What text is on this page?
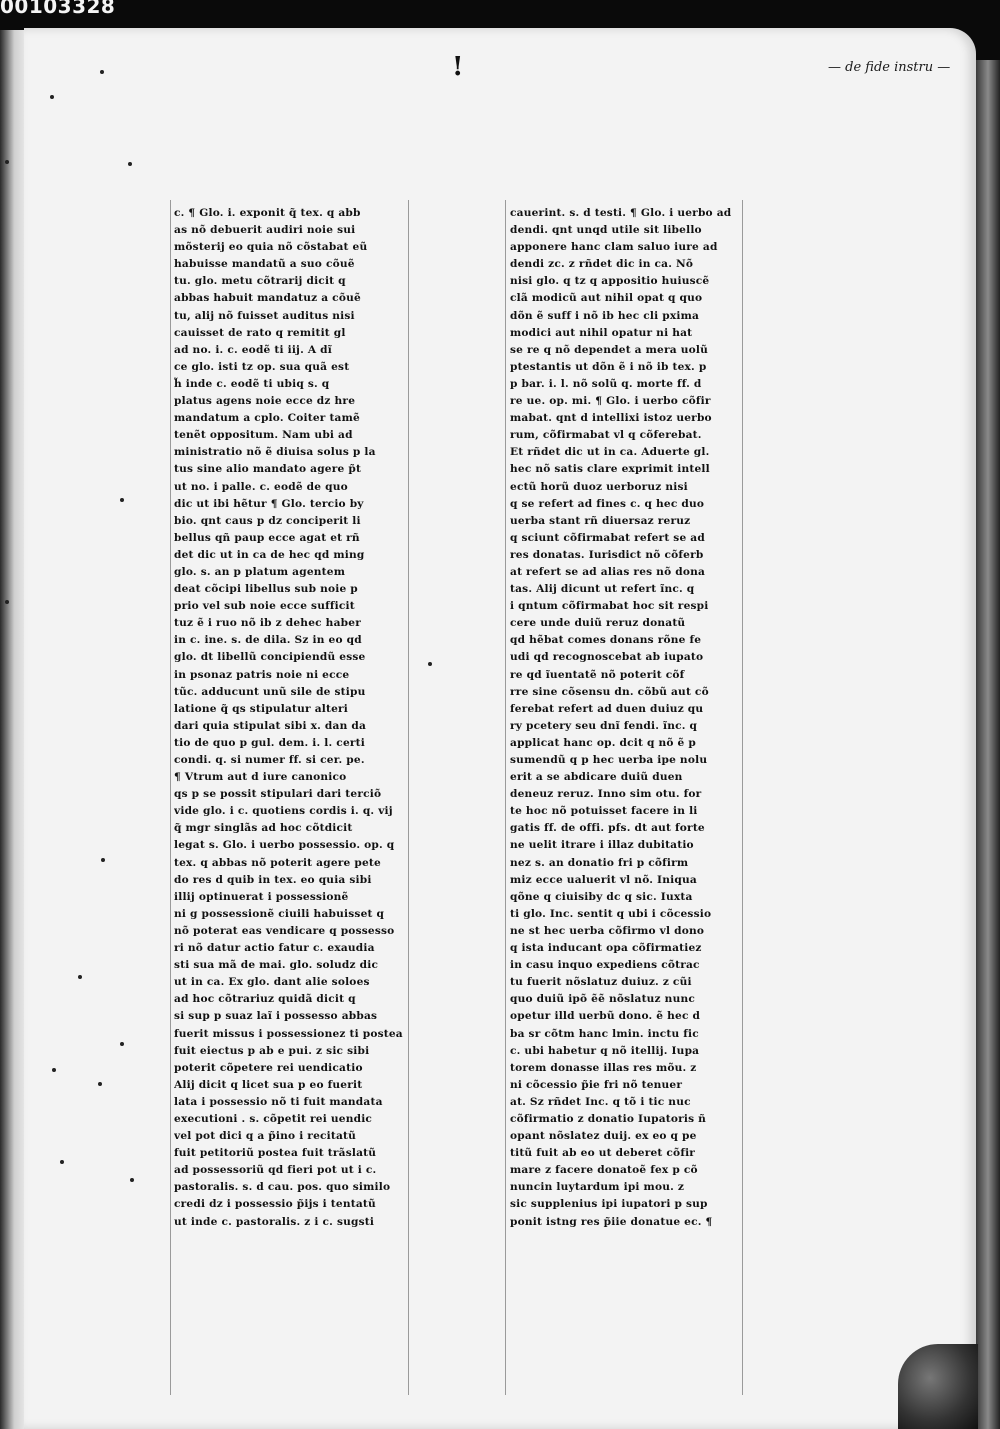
00103328
— de fide instru —
!
c. ¶ Glo. i. exponit q̃ tex. q abb
as nõ debuerit audiri noie sui
mõsterij eo quia nõ cõstabat eũ
habuisse mandatũ a suo cõuẽ
tu. glo. metu cõtrarij dicit q
abbas habuit mandatuz a cõuẽ
tu, alij nõ fuisset auditus nisi
cauisset de rato q remitit gl
ad no. i. c. eodẽ ti iij. A dĩ
ce glo. isti tz op. sua quã est
h̃ inde c. eodẽ ti ubiq s. q
platus agens noie ecce dz hre
mandatum a cplo. Coiter tamẽ
tenẽt oppositum. Nam ubi ad
ministratio nõ ẽ diuisa solus p la
tus sine alio mandato agere p̃t
ut no. i palle. c. eodẽ de quo
dic ut ibi hẽtur ¶ Glo. tercio by
bio. qnt caus p dz conciperit li
bellus qñ paup ecce agat et rñ
det dic ut in ca de hec qd ming
glo. s. an p platum agentem
deat cõcipi libellus sub noie p
prio vel sub noie ecce sufficit
tuz ẽ i ruo nõ ib z dehec haber
in c. ine. s. de dila. Sz in eo qd
glo. dt libellũ concipiendũ esse
in psonaz patris noie ni ecce
tũc. adducunt unũ sile de stipu
latione q̃ qs stipulatur alteri
dari quia stipulat sibi x. dan da
tio de quo p gul. dem. i. l. certi
condi. q. si numer ff. si cer. pe.
¶ Vtrum aut d iure canonico
qs p se possit stipulari dari terciõ
vide glo. i c. quotiens cordis i. q. vij
q̃ mgr singlãs ad hoc cõtdicit
legat s. Glo. i uerbo possessio. op. q
tex. q abbas nõ poterit agere pete
do res d quib in tex. eo quia sibi
illij optinuerat i possessionẽ
ni g possessionẽ ciuili habuisset q
nõ poterat eas vendicare q possesso
ri nõ datur actio fatur c. exaudia
sti sua mã de mai. glo. soludz dic
ut in ca. Ex glo. dant alie soloes
ad hoc cõtrariuz quidã dicit q
si sup p suaz laĩ i possesso abbas
fuerit missus i possessionez ti postea
fuit eiectus p ab e pui. z sic sibi
poterit cõpetere rei uendicatio
Alij dicit q licet sua p eo fuerit
lata i possessio nõ ti fuit mandata
executioni . s. cõpetit rei uendic
vel pot dici q a p̃ino i recitatũ
fuit petitoriũ postea fuit trãslatũ
ad possessoriũ qd fieri pot ut i c.
pastoralis. s. d cau. pos. quo similo
credi dz i possessio p̃ijs i tentatũ
ut inde c. pastoralis. z i c. sugsti
cauerint. s. d testi. ¶ Glo. i uerbo ad
dendi. qnt unqd utile sit libello
apponere hanc clam saluo iure ad
dendi zc. z rñdet dic in ca. Nõ
nisi glo. q tz q appositio huiuscẽ
clã modicũ aut nihil opat q quo
dõn ẽ suff i nõ ib hec cli pxima
modici aut nihil opatur ni hat
se re q nõ dependet a mera uolũ
ptestantis ut dõn ẽ i nõ ib tex. p
p bar. i. l. nõ solũ q. morte ff. d
re ue. op. mi. ¶ Glo. i uerbo cõfir
mabat. qnt d intellixi istoz uerbo
rum, cõfirmabat vl q cõferebat.
Et rñdet dic ut in ca. Aduerte gl.
hec nõ satis clare exprimit intell
ectũ horũ duoz uerboruz nisi
q se refert ad fines c. q hec duo
uerba stant rñ diuersaz reruz
q sciunt cõfirmabat refert se ad
res donatas. Iurisdict nõ cõferb
at refert se ad alias res nõ dona
tas. Alij dicunt ut refert ĩnc. q
i qntum cõfirmabat hoc sit respi
cere unde duiũ reruz donatũ
qd hẽbat comes donans rõne fe
udi qd recognoscebat ab iupato
re qd ĩuentatẽ nõ poterit cõf
rre sine cõsensu dn. cõbũ aut cõ
ferebat refert ad duen duiuz qu
ry pcetery seu dnĩ fendi. ĩnc. q
applicat hanc op. dcit q nõ ẽ p
sumendũ q p hec uerba ipe nolu
erit a se abdicare duiũ duen
deneuz reruz. Inno sim otu. for
te hoc nõ potuisset facere in li
gatis ff. de offi. pfs. dt aut forte
ne uelit itrare i illaz dubitatio
nez s. an donatio fri p cõfirm
miz ecce ualuerit vl nõ. Iniqua
qõne q ciuisiby dc q sic. Iuxta
ti glo. Inc. sentit q ubi i cõcessio
ne st hec uerba cõfirmo vl dono
q ista inducant opa cõfirmatiez
in casu inquo expediens cõtrac
tu fuerit nõslatuz duiuz. z cũi
quo duiũ ipõ ẽẽ nõslatuz nunc
opetur illd uerbũ dono. ẽ hec d
ba sr cõtm hanc lmin. inctu fic
c. ubi habetur q nõ itellij. Iupa
torem donasse illas res mõu. z
ni cõcessio p̃ie fri nõ tenuer
at. Sz rñdet Inc. q tõ i tic nuc
cõfirmatio z donatio Iupatoris ñ
opant nõslatez duij. ex eo q pe
titũ fuit ab eo ut deberet cõfir
mare z facere donatoẽ fex p cõ
nuncin luytardum ipi mou. z
sic supplenius ipi iupatori p sup
ponit istng res p̃iie donatue ec. ¶
